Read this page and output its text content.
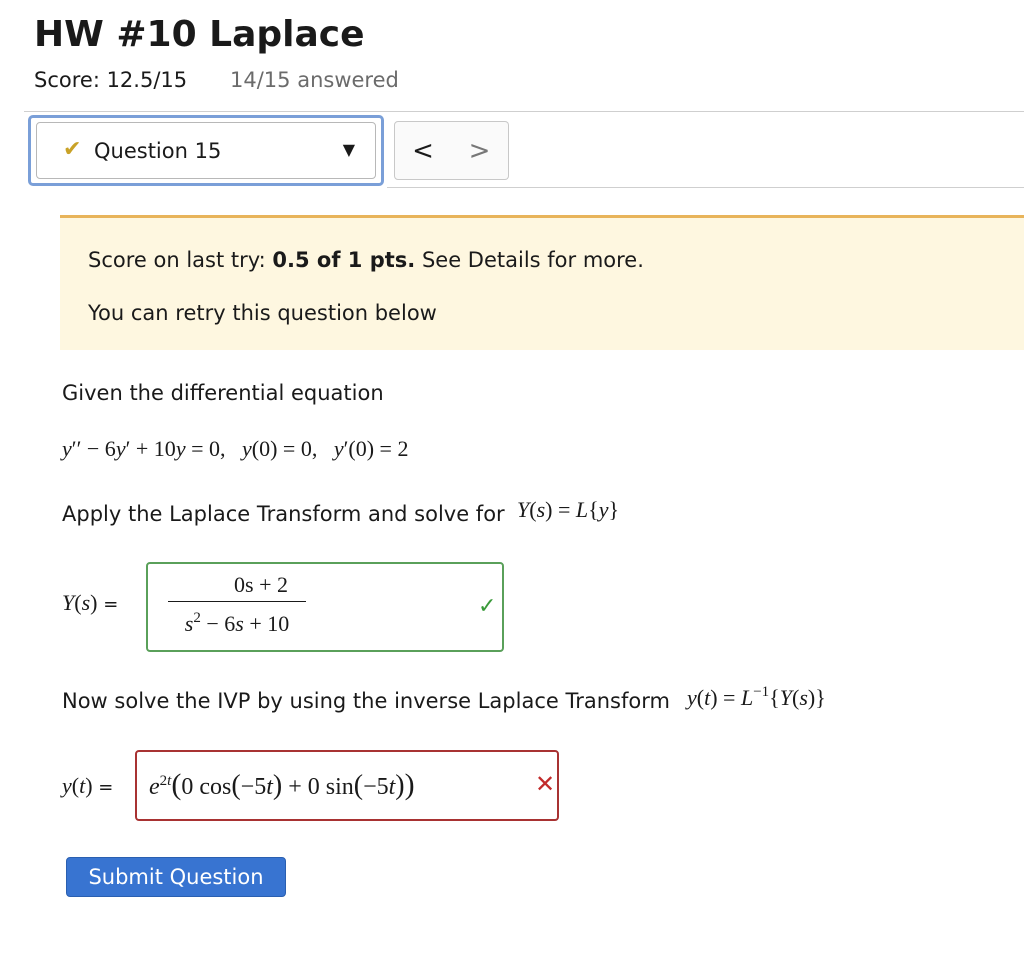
HW #10 Laplace
Score: 12.5/15 14/15 answered
✔ Question 15	▼	<	>
Score on last try: 0.5 of 1 pts. See Details for more.
You can retry this question below
Given the differential equation
y′′ − 6y′ + 10y = 0,   y(0) = 0,   y′(0) = 2
Apply the Laplace Transform and solve for Y(s) = L{y}
Y(s) =
0s + 2
$s^2 - 6s + 10$
✓
Now solve the IVP by using the inverse Laplace Transform $y(t) = L^{-1}\{Y(s)\}$
$y(t) = e^{2t}(0$ cos(−5t) + 0 sin(−5t))	✕
Submit Question
